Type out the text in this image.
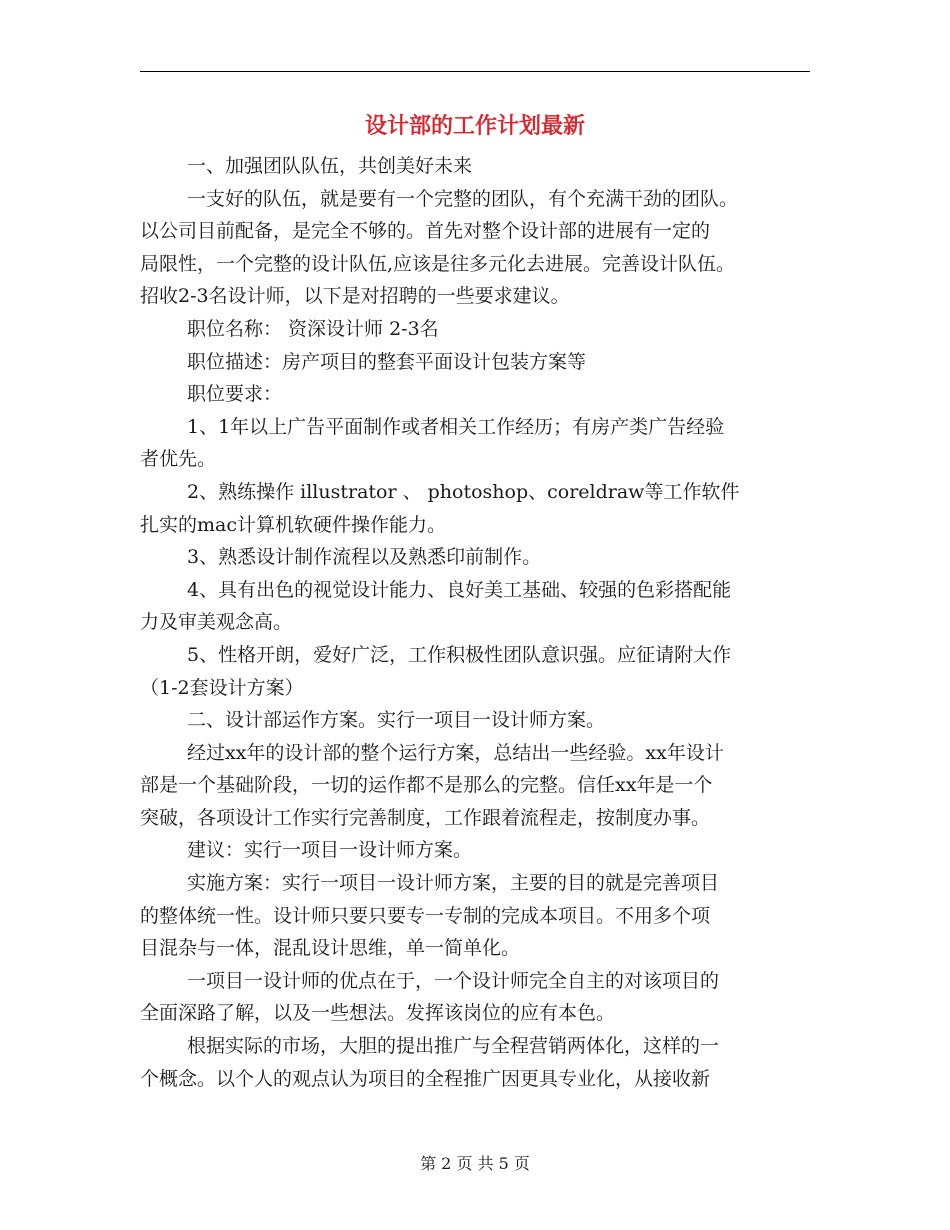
设计部的工作计划最新
一、加强团队队伍，共创美好未来
一支好的队伍，就是要有一个完整的团队，有个充满干劲的团队。
以公司目前配备，是完全不够的。首先对整个设计部的进展有一定的
局限性，一个完整的设计队伍,应该是往多元化去进展。完善设计队伍。
招收2-3名设计师，以下是对招聘的一些要求建议。
职位名称： 资深设计师 2-3名
职位描述：房产项目的整套平面设计包装方案等
职位要求：
1、1年以上广告平面制作或者相关工作经历；有房产类广告经验
者优先。
2、熟练操作 illustrator 、 photoshop、coreldraw等工作软件
扎实的mac计算机软硬件操作能力。
3、熟悉设计制作流程以及熟悉印前制作。
4、具有出色的视觉设计能力、良好美工基础、较强的色彩搭配能
力及审美观念高。
5、性格开朗，爱好广泛，工作积极性团队意识强。应征请附大作
（1-2套设计方案）
二、设计部运作方案。实行一项目一设计师方案。
经过xx年的设计部的整个运行方案，总结出一些经验。xx年设计
部是一个基础阶段，一切的运作都不是那么的完整。信任xx年是一个
突破，各项设计工作实行完善制度，工作跟着流程走，按制度办事。
建议：实行一项目一设计师方案。
实施方案：实行一项目一设计师方案，主要的目的就是完善项目
的整体统一性。设计师只要只要专一专制的完成本项目。不用多个项
目混杂与一体，混乱设计思维，单一简单化。
一项目一设计师的优点在于，一个设计师完全自主的对该项目的
全面深路了解，以及一些想法。发挥该岗位的应有本色。
根据实际的市场，大胆的提出推广与全程营销两体化，这样的一
个概念。以个人的观点认为项目的全程推广因更具专业化，从接收新
第 2 页 共 5 页
